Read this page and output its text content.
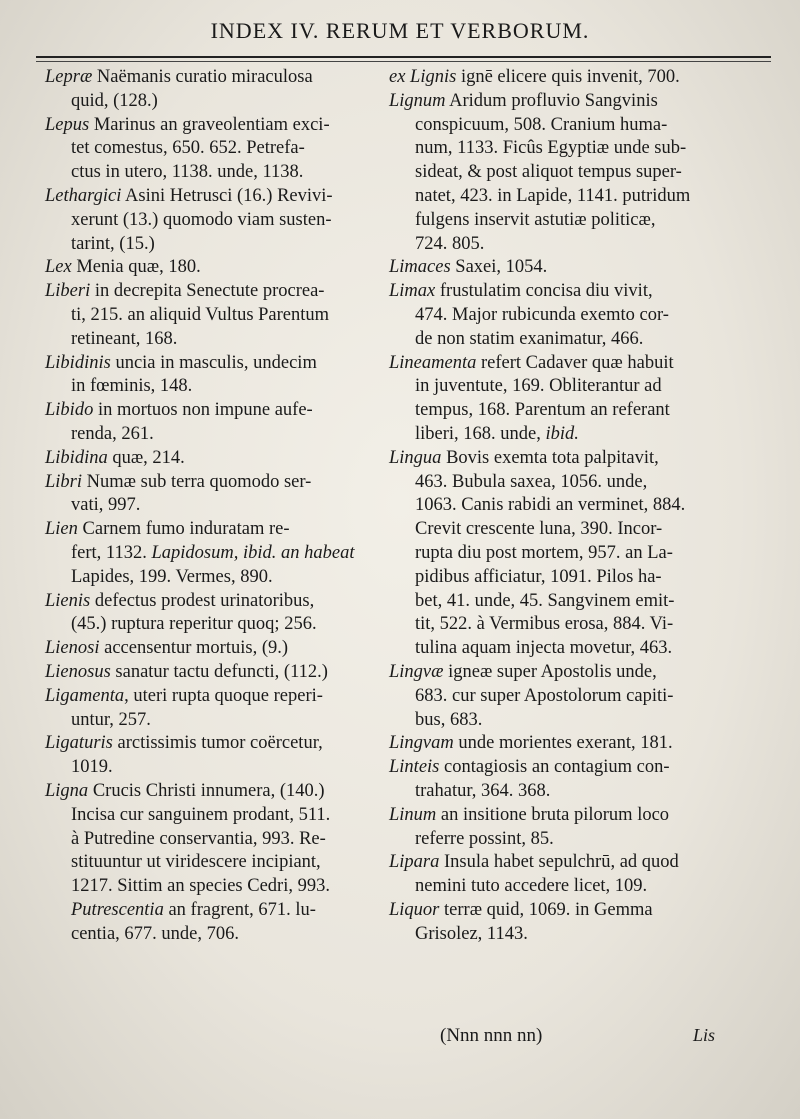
INDEX IV. RERUM ET VERBORUM.
Lepræ Naëmanis curatio miraculosa
quid, (128.)
Lepus Marinus an graveolentiam exci-
tet comestus, 650. 652. Petrefa-
ctus in utero, 1138. unde, 1138.
Lethargici Asini Hetrusci (16.) Revivi-
xerunt (13.) quomodo viam susten-
tarint, (15.)
Lex Menia quæ, 180.
Liberi in decrepita Senectute procrea-
ti, 215. an aliquid Vultus Parentum
retineant, 168.
Libidinis uncia in masculis, undecim
in fœminis, 148.
Libido in mortuos non impune aufe-
renda, 261.
Libidina quæ, 214.
Libri Numæ sub terra quomodo ser-
vati, 997.
Lien Carnem fumo induratam re-
fert, 1132. Lapidosum, ibid. an habeat
Lapides, 199. Vermes, 890.
Lienis defectus prodest urinatoribus,
(45.) ruptura reperitur quoq; 256.
Lienosi accensentur mortuis, (9.)
Lienosus sanatur tactu defuncti, (112.)
Ligamenta, uteri rupta quoque reperi-
untur, 257.
Ligaturis arctissimis tumor coërcetur,
1019.
Ligna Crucis Christi innumera, (140.)
Incisa cur sanguinem prodant, 511.
à Putredine conservantia, 993. Re-
stituuntur ut viridescere incipiant,
1217. Sittim an species Cedri, 993.
Putrescentia an fragrent, 671. lu-
centia, 677. unde, 706.
ex Lignis ignē elicere quis invenit, 700.
Lignum Aridum profluvio Sangvinis
conspicuum, 508. Cranium huma-
num, 1133. Ficûs Egyptiæ unde sub-
sideat, & post aliquot tempus super-
natet, 423. in Lapide, 1141. putridum
fulgens inservit astutiæ politicæ,
724. 805.
Limaces Saxei, 1054.
Limax frustulatim concisa diu vivit,
474. Major rubicunda exemto cor-
de non statim exanimatur, 466.
Lineamenta refert Cadaver quæ habuit
in juventute, 169. Obliterantur ad
tempus, 168. Parentum an referant
liberi, 168. unde, ibid.
Lingua Bovis exemta tota palpitavit,
463. Bubula saxea, 1056. unde,
1063. Canis rabidi an verminet, 884.
Crevit crescente luna, 390. Incor-
rupta diu post mortem, 957. an La-
pidibus afficiatur, 1091. Pilos ha-
bet, 41. unde, 45. Sangvinem emit-
tit, 522. à Vermibus erosa, 884. Vi-
tulina aquam injecta movetur, 463.
Lingvæ igneæ super Apostolis unde,
683. cur super Apostolorum capiti-
bus, 683.
Lingvam unde morientes exerant, 181.
Linteis contagiosis an contagium con-
trahatur, 364. 368.
Linum an insitione bruta pilorum loco
referre possint, 85.
Lipara Insula habet sepulchrū, ad quod
nemini tuto accedere licet, 109.
Liquor terræ quid, 1069. in Gemma
Grisolez, 1143.
(Nnn nnn nn)	Lis
